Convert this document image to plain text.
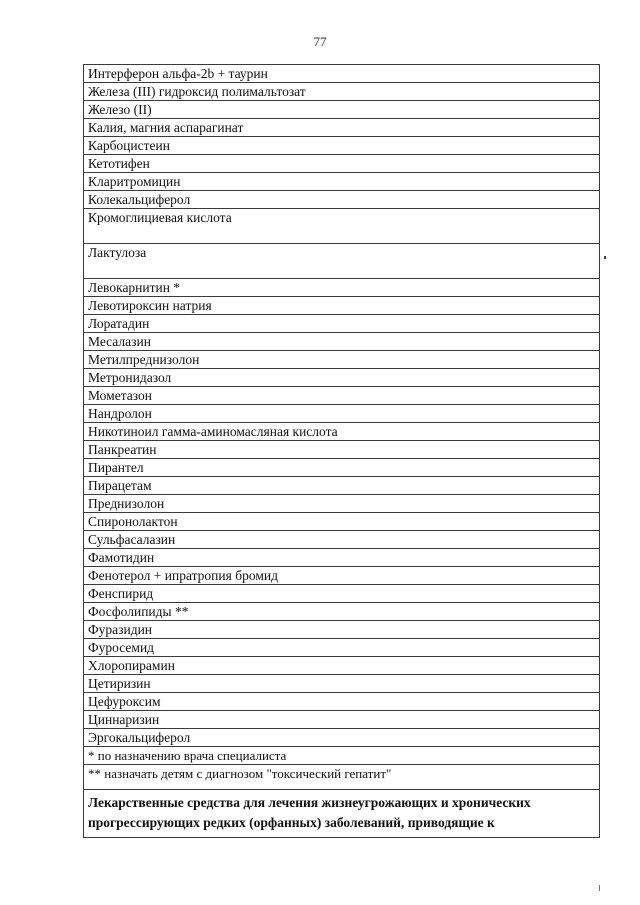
77
Интерферон альфа-2b + таурин
Железа (III) гидроксид полимальтозат
Железо (II)
Калия, магния аспарагинат
Карбоцистеин
Кетотифен
Кларитромицин
Колекальциферол
Кромоглициевая кислота
Лактулоза
Левокарнитин *
Левотироксин натрия
Лоратадин
Месалазин
Метилпреднизолон
Метронидазол
Мометазон
Нандролон
Никотиноил гамма-аминомасляная кислота
Панкреатин
Пирантел
Пирацетам
Преднизолон
Спиронолактон
Сульфасалазин
Фамотидин
Фенотерол + ипратропия бромид
Фенспирид
Фосфолипиды **
Фуразидин
Фуросемид
Хлоропирамин
Цетиризин
Цефуроксим
Циннаризин
Эргокальциферол
* по назначению врача специалиста
** назначать детям с диагнозом "токсический гепатит"
Лекарственные средства для лечения жизнеугрожающих и хронических прогрессирующих редких (орфанных) заболеваний, приводящие к
